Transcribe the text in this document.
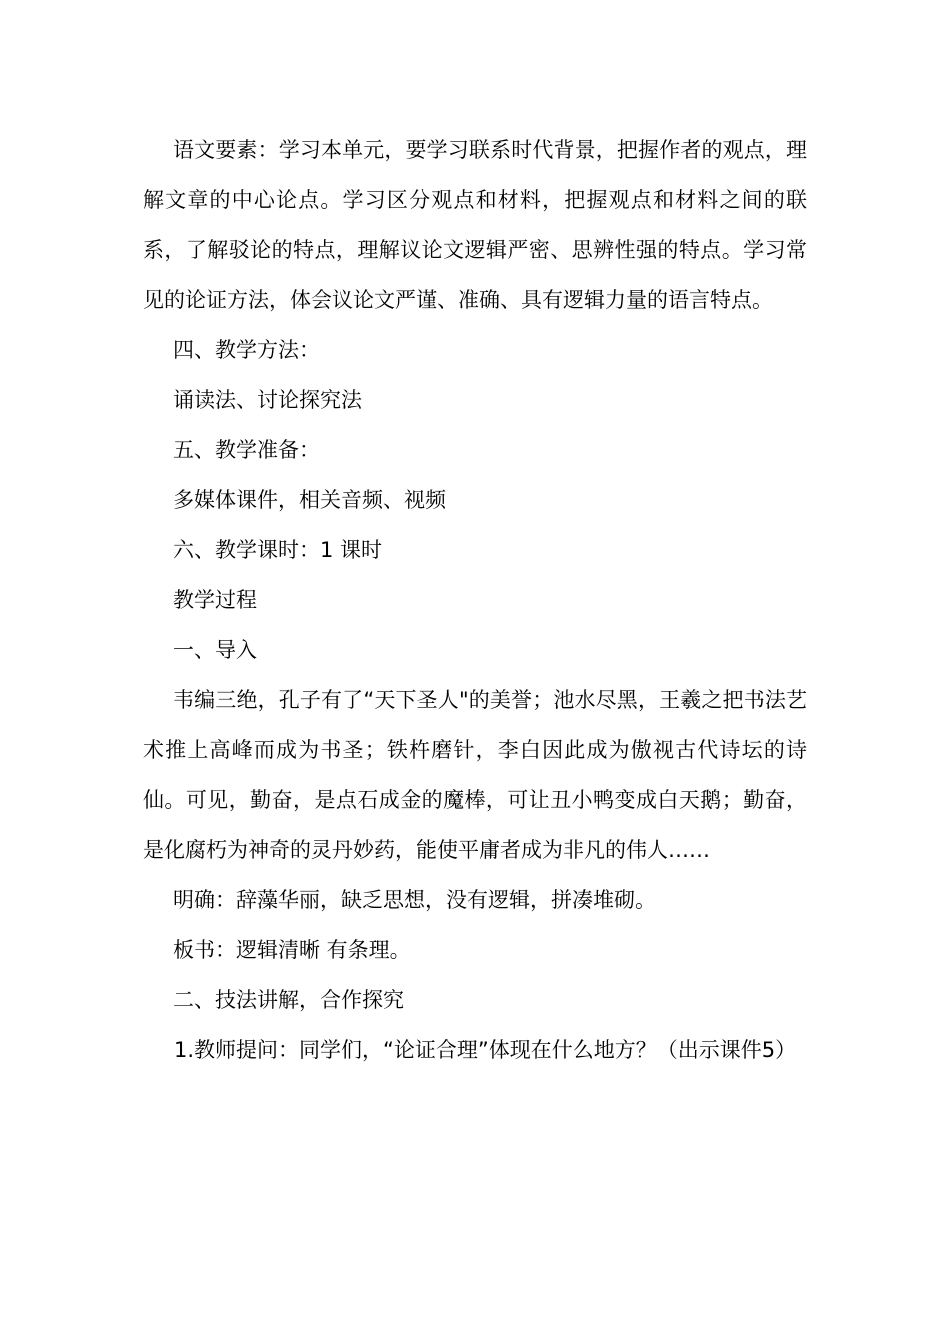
语文要素：学习本单元，要学习联系时代背景，把握作者的观点，理解文章的中心论点。学习区分观点和材料，把握观点和材料之间的联系，了解驳论的特点，理解议论文逻辑严密、思辨性强的特点。学习常见的论证方法，体会议论文严谨、准确、具有逻辑力量的语言特点。

四、教学方法：

诵读法、讨论探究法

五、教学准备：

多媒体课件，相关音频、视频

六、教学课时：1 课时

教学过程

一、导入

韦编三绝，孔子有了“天下圣人"的美誉；池水尽黑，王羲之把书法艺术推上高峰而成为书圣；铁杵磨针，李白因此成为傲视古代诗坛的诗仙。可见，勤奋，是点石成金的魔棒，可让丑小鸭变成白天鹅；勤奋，是化腐朽为神奇的灵丹妙药，能使平庸者成为非凡的伟人……

明确：辞藻华丽，缺乏思想，没有逻辑，拼凑堆砌。

板书：逻辑清晰 有条理。

二、技法讲解，合作探究

1.教师提问：同学们，“论证合理”体现在什么地方？（出示课件5）
